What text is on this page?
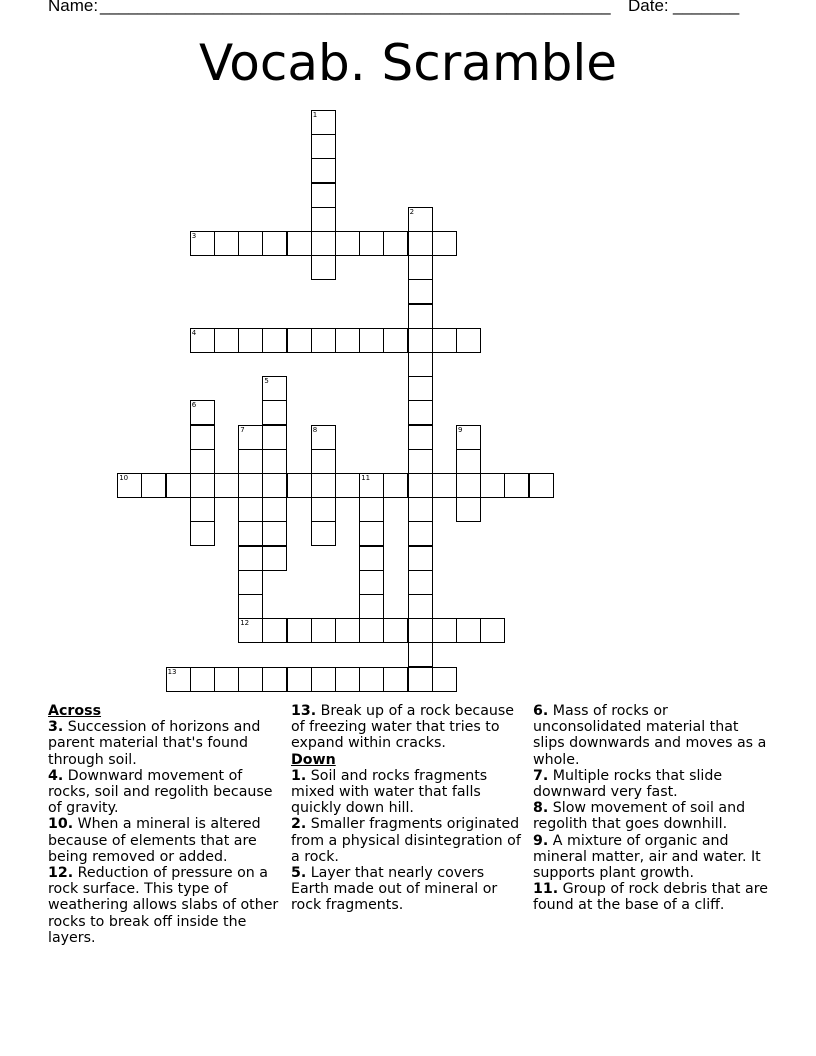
Name: ______________________________________________________ Date: _______
Vocab. Scramble
1
2
3
4
5
6
7
12
8	9
10	11
13
Across

3. Succession of horizons and parent material that's found through soil.

4. Downward movement of rocks, soil and regolith because of gravity.

10. When a mineral is altered because of elements that are being removed or added.

12. Reduction of pressure on a rock surface. This type of weathering allows slabs of other rocks to break off inside the layers.

13. Break up of a rock because of freezing water that tries to expand within cracks.

Down

1. Soil and rocks fragments mixed with water that falls quickly down hill.

2. Smaller fragments originated from a physical disintegration of a rock.

5. Layer that nearly covers Earth made out of mineral or rock fragments.

6. Mass of rocks or unconsolidated material that slips downwards and moves as a whole.

7. Multiple rocks that slide downward very fast.

8. Slow movement of soil and regolith that goes downhill.

9. A mixture of organic and mineral matter, air and water. It supports plant growth.

11. Group of rock debris that are found at the base of a cliff.
